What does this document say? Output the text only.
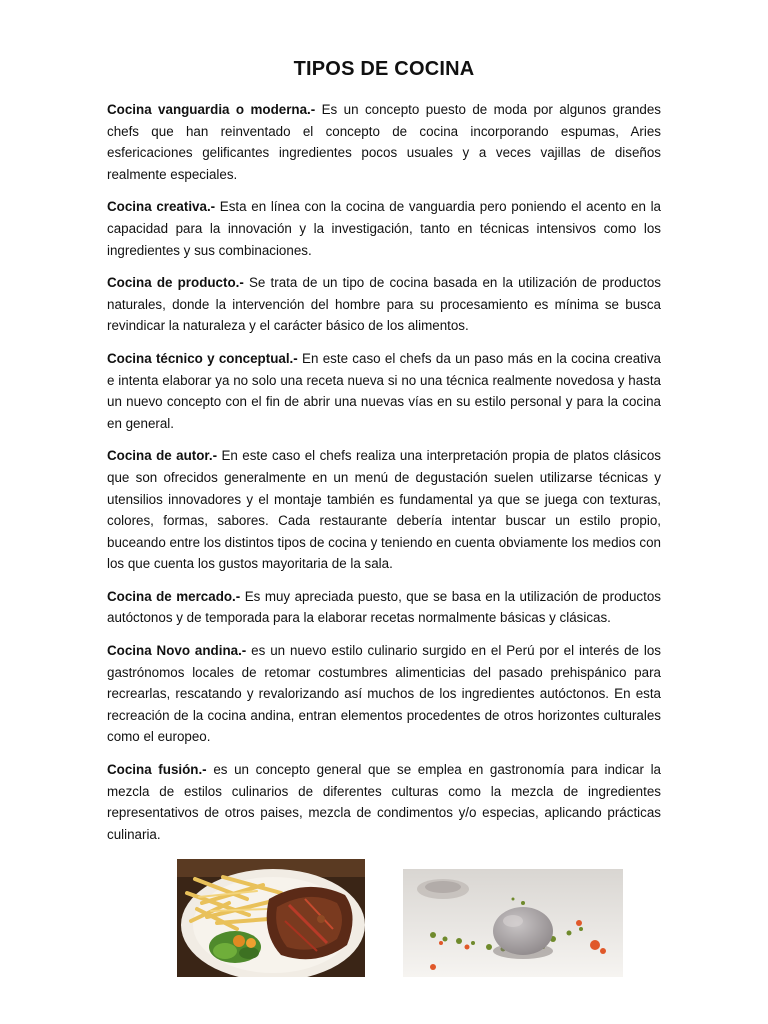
TIPOS DE COCINA

Cocina vanguardia o moderna.- Es un concepto puesto de moda por algunos grandes chefs que han reinventado el concepto de cocina incorporando espumas, Aries esfericaciones gelificantes ingredientes pocos usuales y a veces vajillas de diseños realmente especiales.

Cocina creativa.- Esta en línea con la cocina de vanguardia pero poniendo el acento en la capacidad para la innovación y la investigación, tanto en técnicas intensivos como los ingredientes y sus combinaciones.

Cocina de producto.- Se trata de un tipo de cocina basada en la utilización de productos naturales, donde la intervención del hombre para su procesamiento es mínima se busca revindicar la naturaleza y el carácter básico de los alimentos.

Cocina técnico y conceptual.- En este caso el chefs da un paso más en la cocina creativa e intenta elaborar ya no solo una receta nueva si no una técnica realmente novedosa y hasta un nuevo concepto con el fin de abrir una nuevas vías en su estilo personal y para la cocina en general.

Cocina de autor.- En este caso el chefs realiza una interpretación propia de platos clásicos que son ofrecidos generalmente en un menú de degustación suelen utilizarse técnicas y utensilios innovadores y el montaje también es fundamental ya que se juega con texturas, colores, formas, sabores. Cada restaurante debería intentar buscar un estilo propio, buceando entre los distintos tipos de cocina y teniendo en cuenta obviamente los medios con los que cuenta los gustos mayoritaria de la sala.

Cocina de mercado.- Es muy apreciada puesto, que se basa en la utilización de productos autóctonos y de temporada para la elaborar recetas normalmente básicas y clásicas.

Cocina Novo andina.- es un nuevo estilo culinario surgido en el Perú por el interés de los gastrónomos locales de retomar costumbres alimenticias del pasado prehispánico para recrearlas, rescatando y revalorizando así muchos de los ingredientes autóctonos. En esta recreación de la cocina andina, entran elementos procedentes de otros horizontes culturales como el europeo.

Cocina fusión.- es un concepto general que se emplea en gastronomía para indicar la mezcla de estilos culinarios de diferentes culturas como la mezcla de ingredientes representativos de otros paises, mezcla de condimentos y/o especias, aplicando prácticas culinaria.
